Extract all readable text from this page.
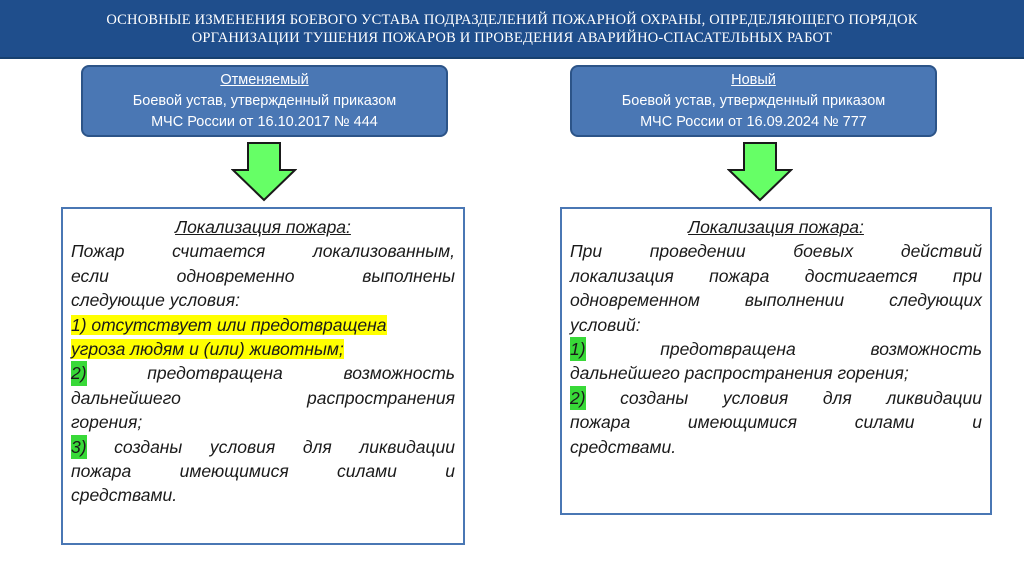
ОСНОВНЫЕ ИЗМЕНЕНИЯ БОЕВОГО УСТАВА ПОДРАЗДЕЛЕНИЙ ПОЖАРНОЙ ОХРАНЫ, ОПРЕДЕЛЯЮЩЕГО ПОРЯДОК
ОРГАНИЗАЦИИ ТУШЕНИЯ ПОЖАРОВ И ПРОВЕДЕНИЯ АВАРИЙНО-СПАСАТЕЛЬНЫХ РАБОТ
Отменяемый
Боевой устав, утвержденный приказом
МЧС России от 16.10.2017 № 444
Новый
Боевой устав, утвержденный приказом
МЧС России от 16.09.2024 № 777
Локализация пожара:
Пожар	считается	локализованным,
если	одновременно	выполнены
следующие условия:
1) отсутствует или предотвращена
угроза людям и (или) животным;
2)	предотвращена	возможность
дальнейшего	распространения
горения;
3) созданы условия для ликвидации
пожара	имеющимися	силами	и
средствами.
Локализация пожара:
При	проведении	боевых	действий
локализация пожара достигается при
одновременном	выполнении	следующих
условий:
1)	предотвращена	возможность
дальнейшего распространения горения;
2) созданы условия для ликвидации
пожара	имеющимися	силами	и
средствами.
